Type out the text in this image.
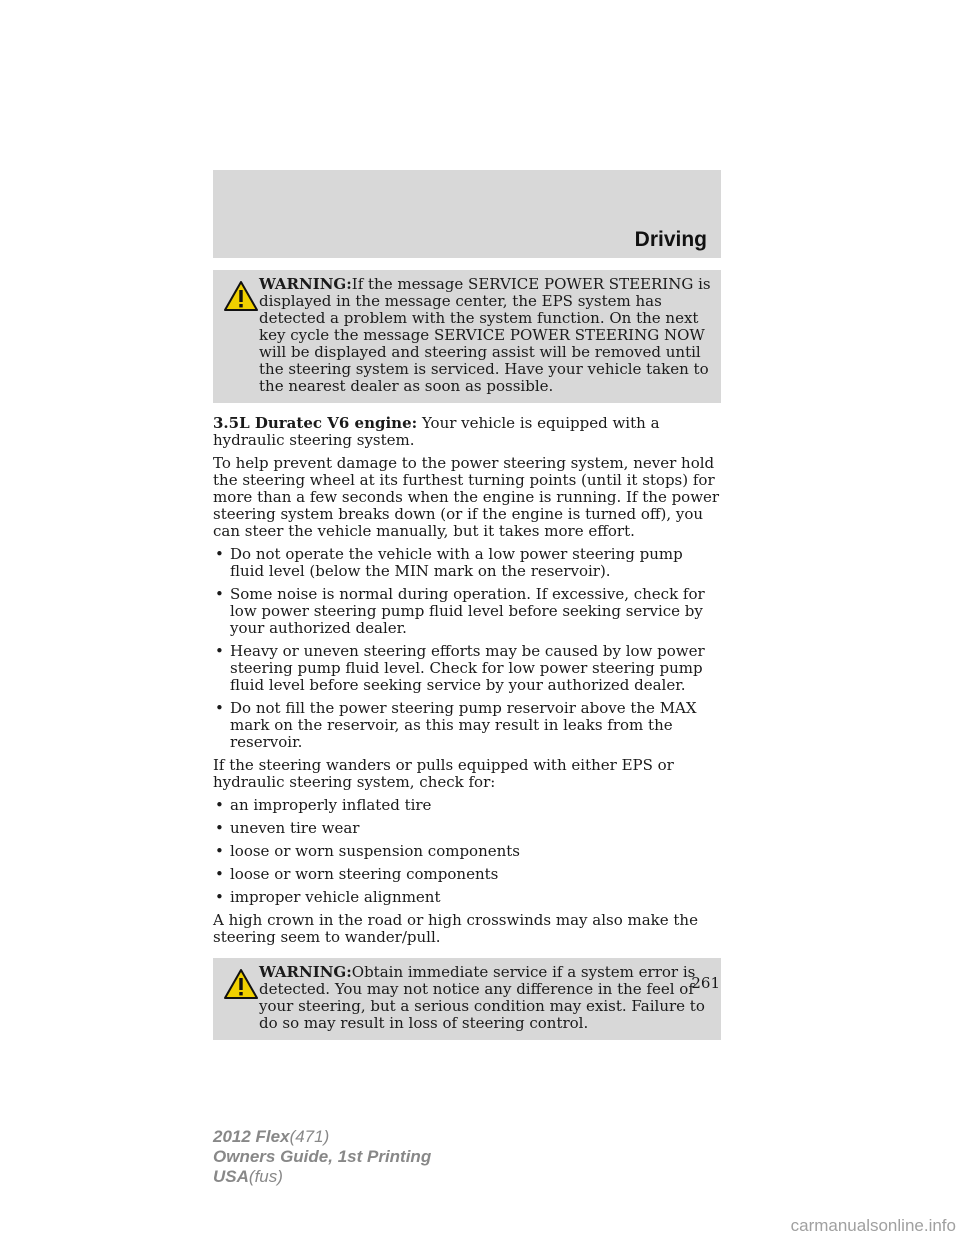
Driving

WARNING:If the message SERVICE POWER STEERING is
displayed in the message center, the EPS system has detected a problem with the system function. On the next key cycle the message SERVICE POWER STEERING NOW will be displayed and steering assist will be removed until the steering system is serviced. Have your vehicle taken to the nearest dealer as soon as possible.

3.5L Duratec V6 engine: Your vehicle is equipped with a hydraulic steering system.

To help prevent damage to the power steering system, never hold the steering wheel at its furthest turning points (until it stops) for more than a few seconds when the engine is running. If the power steering system breaks down (or if the engine is turned off), you can steer the vehicle manually, but it takes more effort.

• Do not operate the vehicle with a low power steering pump fluid level (below the MIN mark on the reservoir).
• Some noise is normal during operation. If excessive, check for low power steering pump fluid level before seeking service by your authorized dealer.
• Heavy or uneven steering efforts may be caused by low power steering pump fluid level. Check for low power steering pump fluid level before seeking service by your authorized dealer.
• Do not fill the power steering pump reservoir above the MAX mark on the reservoir, as this may result in leaks from the reservoir.

If the steering wanders or pulls equipped with either EPS or hydraulic steering system, check for:

• an improperly inflated tire
• uneven tire wear
• loose or worn suspension components
• loose or worn steering components
• improper vehicle alignment

A high crown in the road or high crosswinds may also make the steering seem to wander/pull.

WARNING:Obtain immediate service if a system error is
detected. You may not notice any difference in the feel of your steering, but a serious condition may exist. Failure to do so may result in loss of steering control.

261
2012 Flex(471)
Owners Guide, 1st Printing
USA(fus)
carmanualsonline.info
